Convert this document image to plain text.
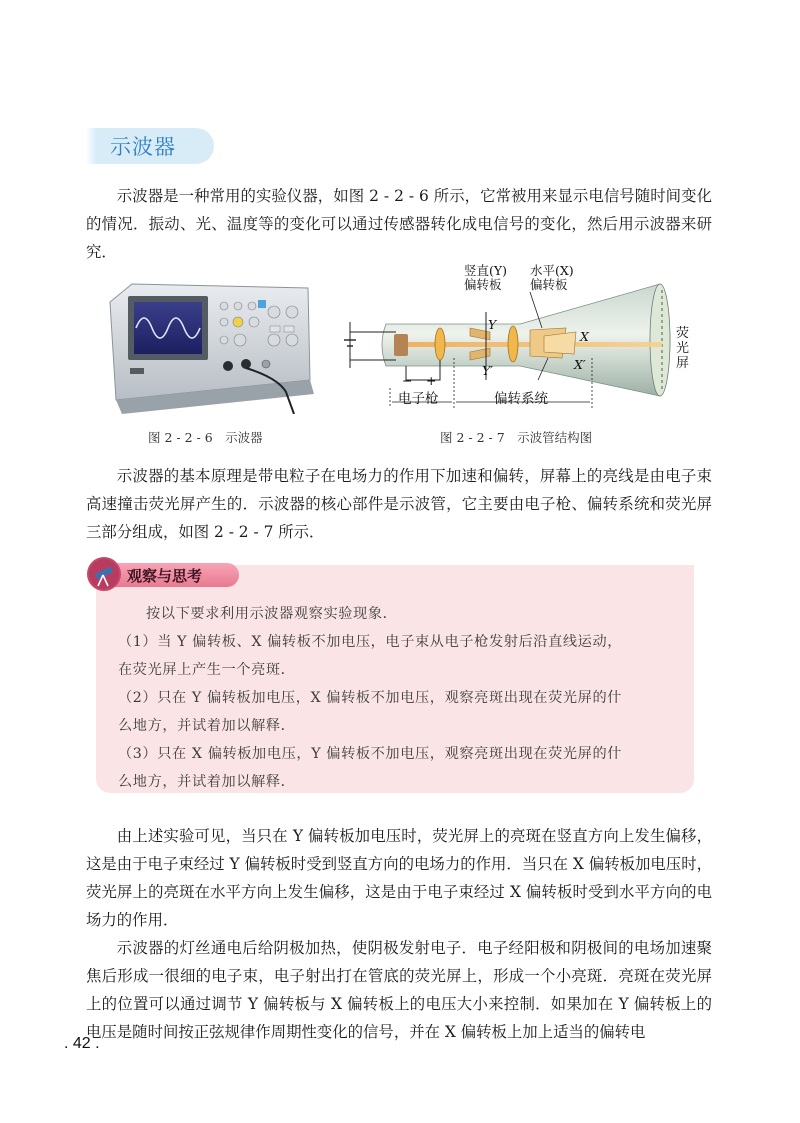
示波器

示波器是一种常用的实验仪器，如图 2 - 2 - 6 所示，它常被用来显示电信号随时间变化的情况．振动、光、温度等的变化可以通过传感器转化成电信号的变化，然后用示波器来研究．

图 2 - 2 - 6　示波器
竖直(Y)
偏转板
水平(X)
偏转板
荧
光
屏
Y
Y′
X
X′
− +
电子枪	偏转系统
图 2 - 2 - 7　示波管结构图

示波器的基本原理是带电粒子在电场力的作用下加速和偏转，屏幕上的亮线是由电子束高速撞击荧光屏产生的．示波器的核心部件是示波管，它主要由电子枪、偏转系统和荧光屏三部分组成，如图 2 - 2 - 7 所示．

观察与思考

按以下要求利用示波器观察实验现象．

（1）当 Y 偏转板、X 偏转板不加电压，电子束从电子枪发射后沿直线运动，

在荧光屏上产生一个亮斑．

（2）只在 Y 偏转板加电压，X 偏转板不加电压，观察亮斑出现在荧光屏的什

么地方，并试着加以解释．

（3）只在 X 偏转板加电压，Y 偏转板不加电压，观察亮斑出现在荧光屏的什

么地方，并试着加以解释．

由上述实验可见，当只在 Y 偏转板加电压时，荧光屏上的亮斑在竖直方向上发生偏移，这是由于电子束经过 Y 偏转板时受到竖直方向的电场力的作用．当只在 X 偏转板加电压时，荧光屏上的亮斑在水平方向上发生偏移，这是由于电子束经过 X 偏转板时受到水平方向的电场力的作用．

示波器的灯丝通电后给阴极加热，使阴极发射电子．电子经阳极和阴极间的电场加速聚焦后形成一很细的电子束，电子射出打在管底的荧光屏上，形成一个小亮斑．亮斑在荧光屏上的位置可以通过调节 Y 偏转板与 X 偏转板上的电压大小来控制．如果加在 Y 偏转板上的电压是随时间按正弦规律作周期性变化的信号，并在 X 偏转板上加上适当的偏转电

. 42 .
